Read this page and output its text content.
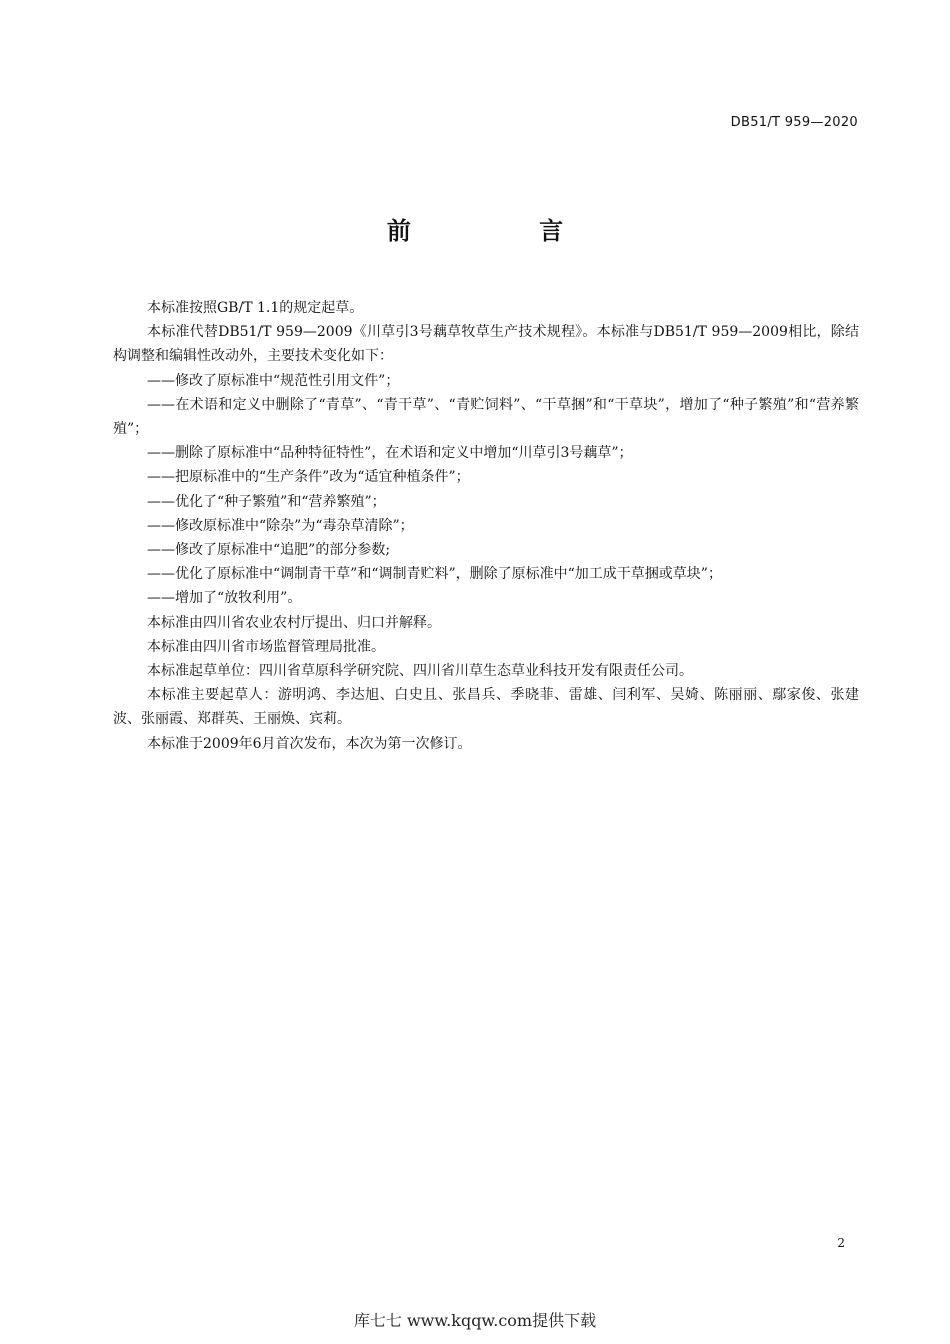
DB51/T 959—2020
前 言

本标准按照GB/T 1.1的规定起草。

本标准代替DB51/T 959—2009《川草引3号藕草牧草生产技术规程》。本标准与DB51/T 959—2009相比，除结构调整和编辑性改动外，主要技术变化如下：

——修改了原标准中“规范性引用文件”；

——在术语和定义中删除了“青草”、“青干草”、“青贮饲料”、“干草捆”和“干草块”，增加了“种子繁殖”和“营养繁殖”；

——删除了原标准中“品种特征特性”，在术语和定义中增加“川草引3号藕草”；

——把原标准中的“生产条件”改为“适宜种植条件”；

——优化了“种子繁殖”和“营养繁殖”；

——修改原标准中“除杂”为“毒杂草清除”；

——修改了原标准中“追肥”的部分参数;

——优化了原标准中“调制青干草”和“调制青贮料”，删除了原标准中“加工成干草捆或草块”；

——增加了“放牧利用”。

本标准由四川省农业农村厅提出、归口并解释。

本标准由四川省市场监督管理局批准。

本标准起草单位：四川省草原科学研究院、四川省川草生态草业科技开发有限责任公司。

本标准主要起草人：游明鸿、李达旭、白史且、张昌兵、季晓菲、雷雄、闫利军、吴婍、陈丽丽、鄢家俊、张建波、张丽霞、郑群英、王丽焕、宾莉。

本标准于2009年6月首次发布，本次为第一次修订。

2
库七七 www.kqqw.com提供下载
